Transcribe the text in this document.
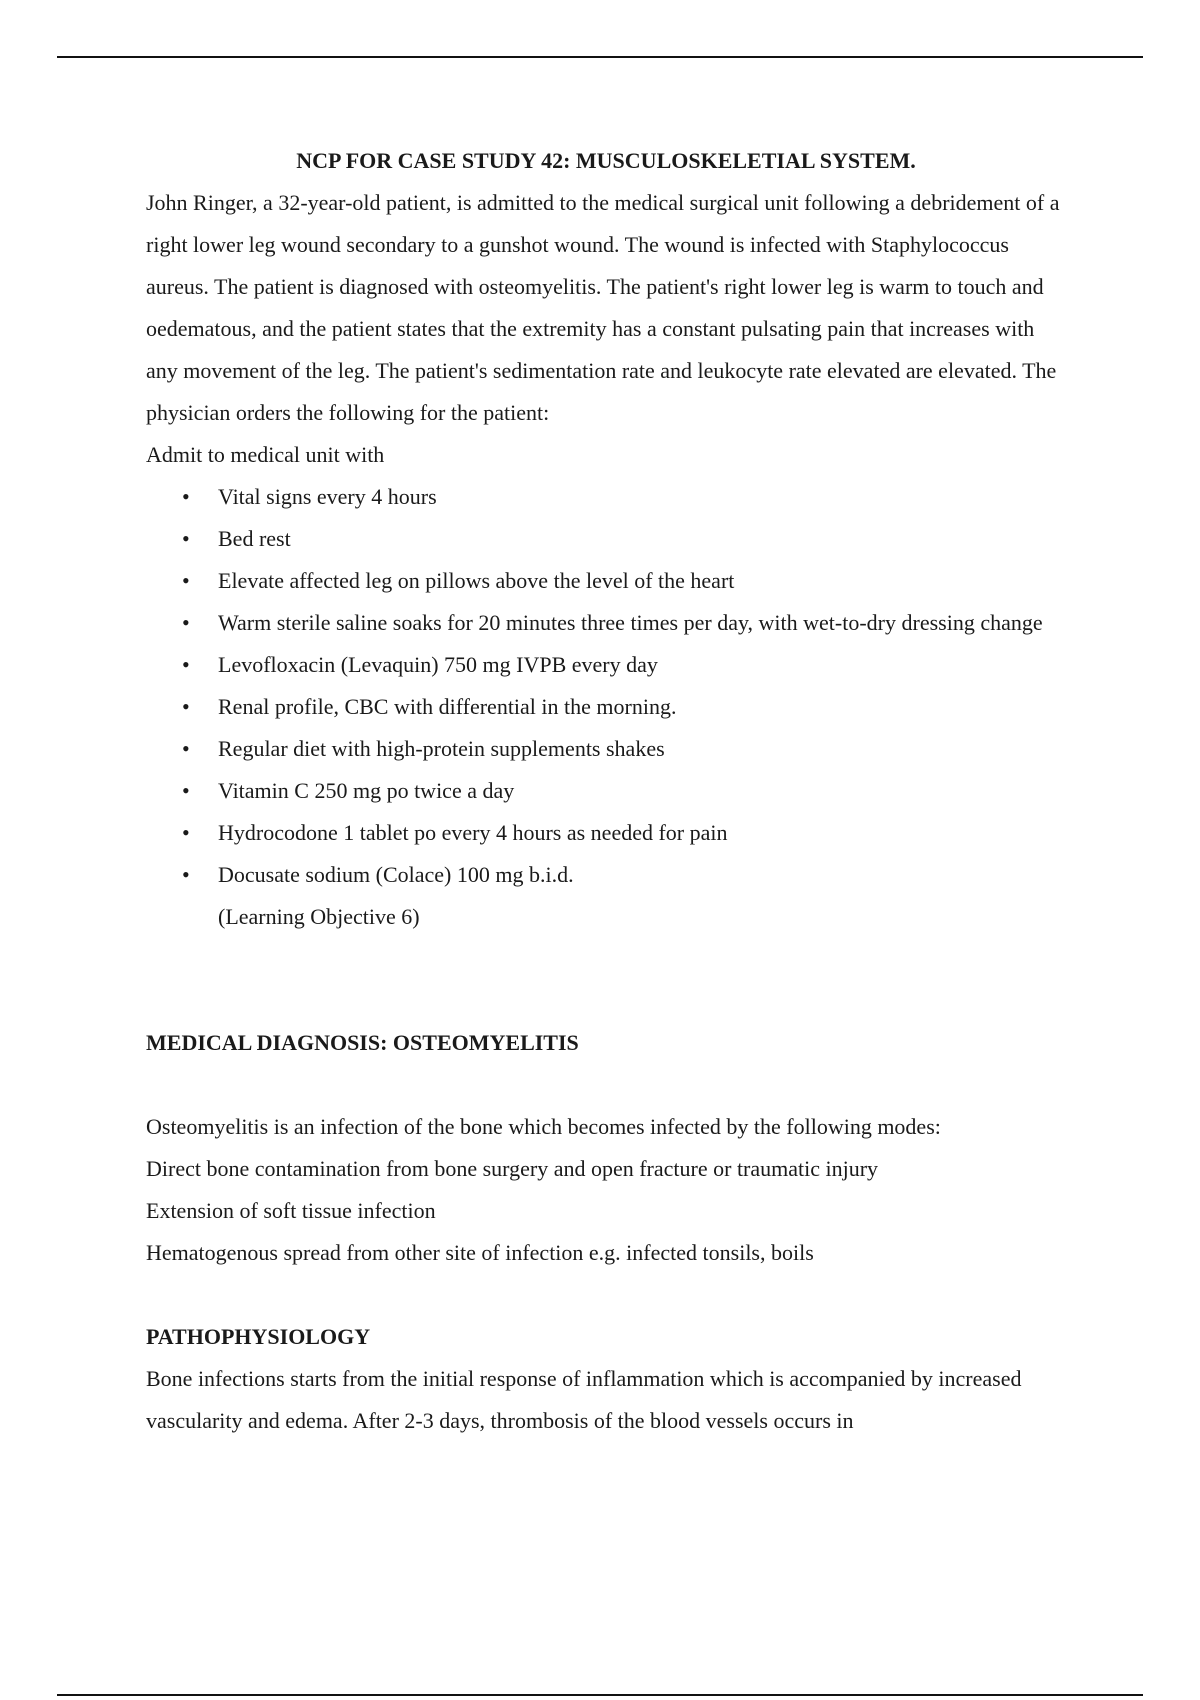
NCP FOR CASE STUDY 42: MUSCULOSKELETIAL SYSTEM.

John Ringer, a 32-year-old patient, is admitted to the medical surgical unit following a debridement of a right lower leg wound secondary to a gunshot wound. The wound is infected with Staphylococcus aureus. The patient is diagnosed with osteomyelitis. The patient's right lower leg is warm to touch and oedematous, and the patient states that the extremity has a constant pulsating pain that increases with any movement of the leg. The patient's sedimentation rate and leukocyte rate elevated are elevated. The physician orders the following for the patient:

Admit to medical unit with

• Vital signs every 4 hours
• Bed rest
• Elevate affected leg on pillows above the level of the heart
• Warm sterile saline soaks for 20 minutes three times per day, with wet-to-dry dressing change
• Levofloxacin (Levaquin) 750 mg IVPB every day
• Renal profile, CBC with differential in the morning.
• Regular diet with high-protein supplements shakes
• Vitamin C 250 mg po twice a day
• Hydrocodone 1 tablet po every 4 hours as needed for pain
• Docusate sodium (Colace) 100 mg b.i.d.

(Learning Objective 6)

MEDICAL DIAGNOSIS: OSTEOMYELITIS

Osteomyelitis is an infection of the bone which becomes infected by the following modes:

Direct bone contamination from bone surgery and open fracture or traumatic injury

Extension of soft tissue infection

Hematogenous spread from other site of infection e.g. infected tonsils, boils

PATHOPHYSIOLOGY

Bone infections starts from the initial response of inflammation which is accompanied by increased vascularity and edema. After 2-3 days, thrombosis of the blood vessels occurs in
